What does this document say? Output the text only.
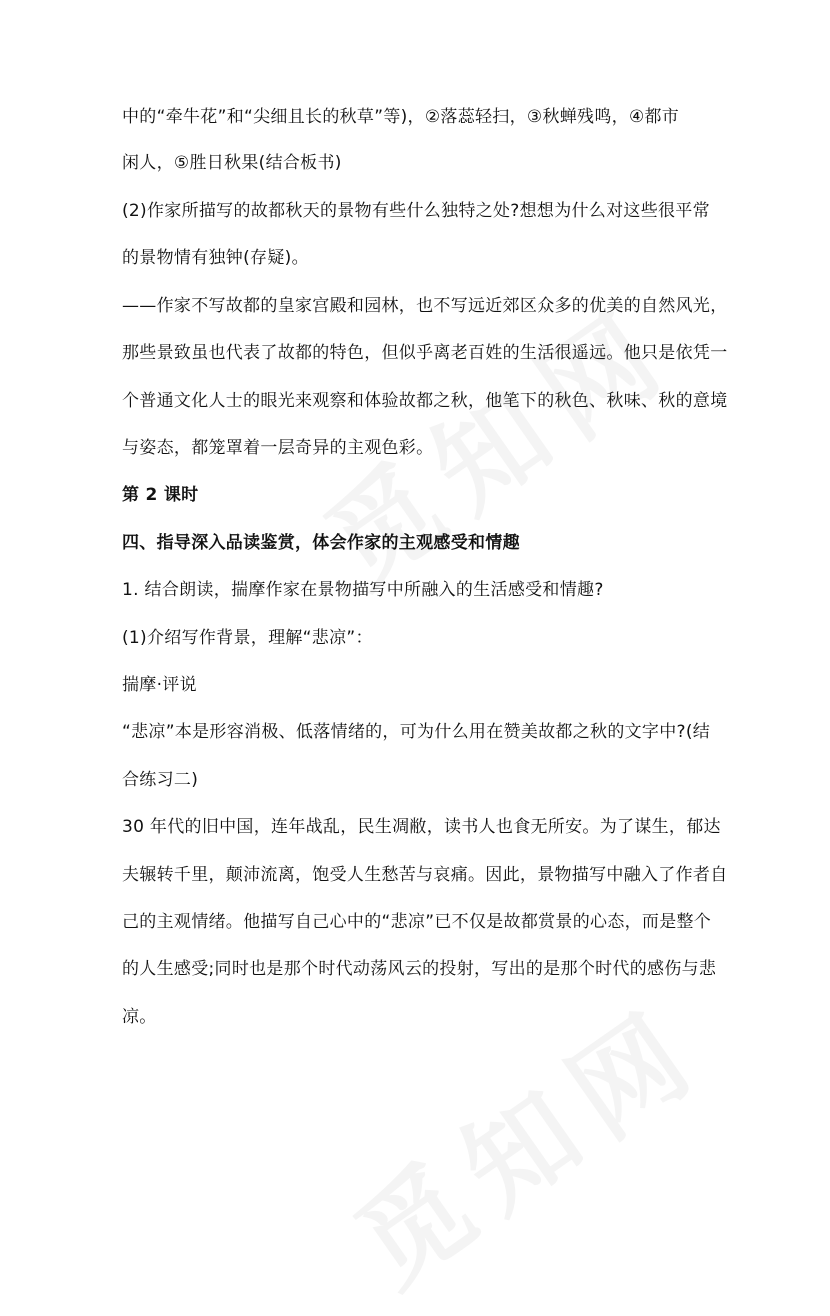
中的“牵牛花”和“尖细且长的秋草”等)，②落蕊轻扫，③秋蝉残鸣，④都市
闲人，⑤胜日秋果(结合板书)
(2)作家所描写的故都秋天的景物有些什么独特之处?想想为什么对这些很平常
的景物情有独钟(存疑)。
——作家不写故都的皇家宫殿和园林，也不写远近郊区众多的优美的自然风光，
那些景致虽也代表了故都的特色，但似乎离老百姓的生活很遥远。他只是依凭一
个普通文化人士的眼光来观察和体验故都之秋，他笔下的秋色、秋味、秋的意境
与姿态，都笼罩着一层奇异的主观色彩。
第 2 课时
四、指导深入品读鉴赏，体会作家的主观感受和情趣
1. 结合朗读，揣摩作家在景物描写中所融入的生活感受和情趣?
(1)介绍写作背景，理解“悲凉”：
揣摩·评说
“悲凉”本是形容消极、低落情绪的，可为什么用在赞美故都之秋的文字中?(结
合练习二)
30 年代的旧中国，连年战乱，民生凋敝，读书人也食无所安。为了谋生，郁达
夫辗转千里，颠沛流离，饱受人生愁苦与哀痛。因此，景物描写中融入了作者自
己的主观情绪。他描写自己心中的“悲凉”已不仅是故都赏景的心态，而是整个
的人生感受;同时也是那个时代动荡风云的投射，写出的是那个时代的感伤与悲
凉。
